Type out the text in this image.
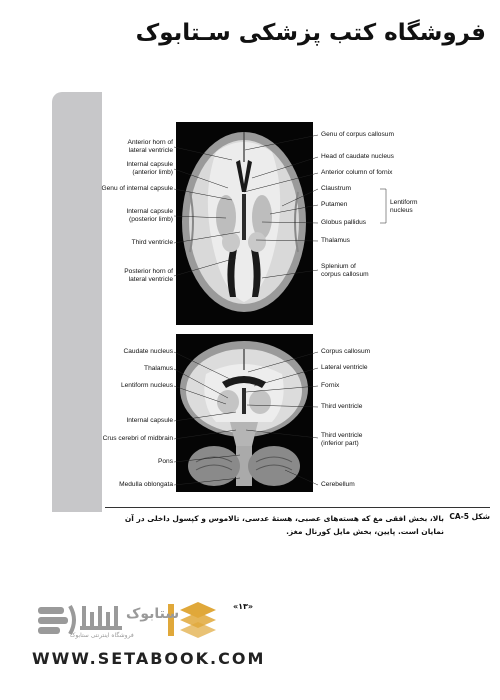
فروشگاه کتب پزشکی سـتابوک
Anterior horn of
lateral ventricle
Internal capsule
(anterior limb)
Genu of internal capsule
Internal capsule
(posterior limb)
Third ventricle
Posterior horn of
lateral ventricle
Genu of corpus callosum
Head of caudate nucleus
Anterior column of fornix
Claustrum
Putamen
Globus pallidus
Thalamus
Splenium of
corpus callosum
Lentiform
nucleus
Caudate nucleus
Thalamus
Lentiform nucleus
Internal capsule
Crus cerebri of midbrain
Pons
Medulla oblongata
Corpus callosum
Lateral ventricle
Fornix
Third ventricle
Third ventricle
(inferior part)
Cerebellum
شکل CA-5
بالا، بخش افقی مغ که هسته‌های عصبی، هستهٔ عدسی، تالاموس و کپسول داخلی در آن نمایان است. پایین، بخش مایل کورنال مغز.
«۱۳»
فروشگاه اینترنتی ستابوک
ستابوک
WWW.SETABOOK.COM
